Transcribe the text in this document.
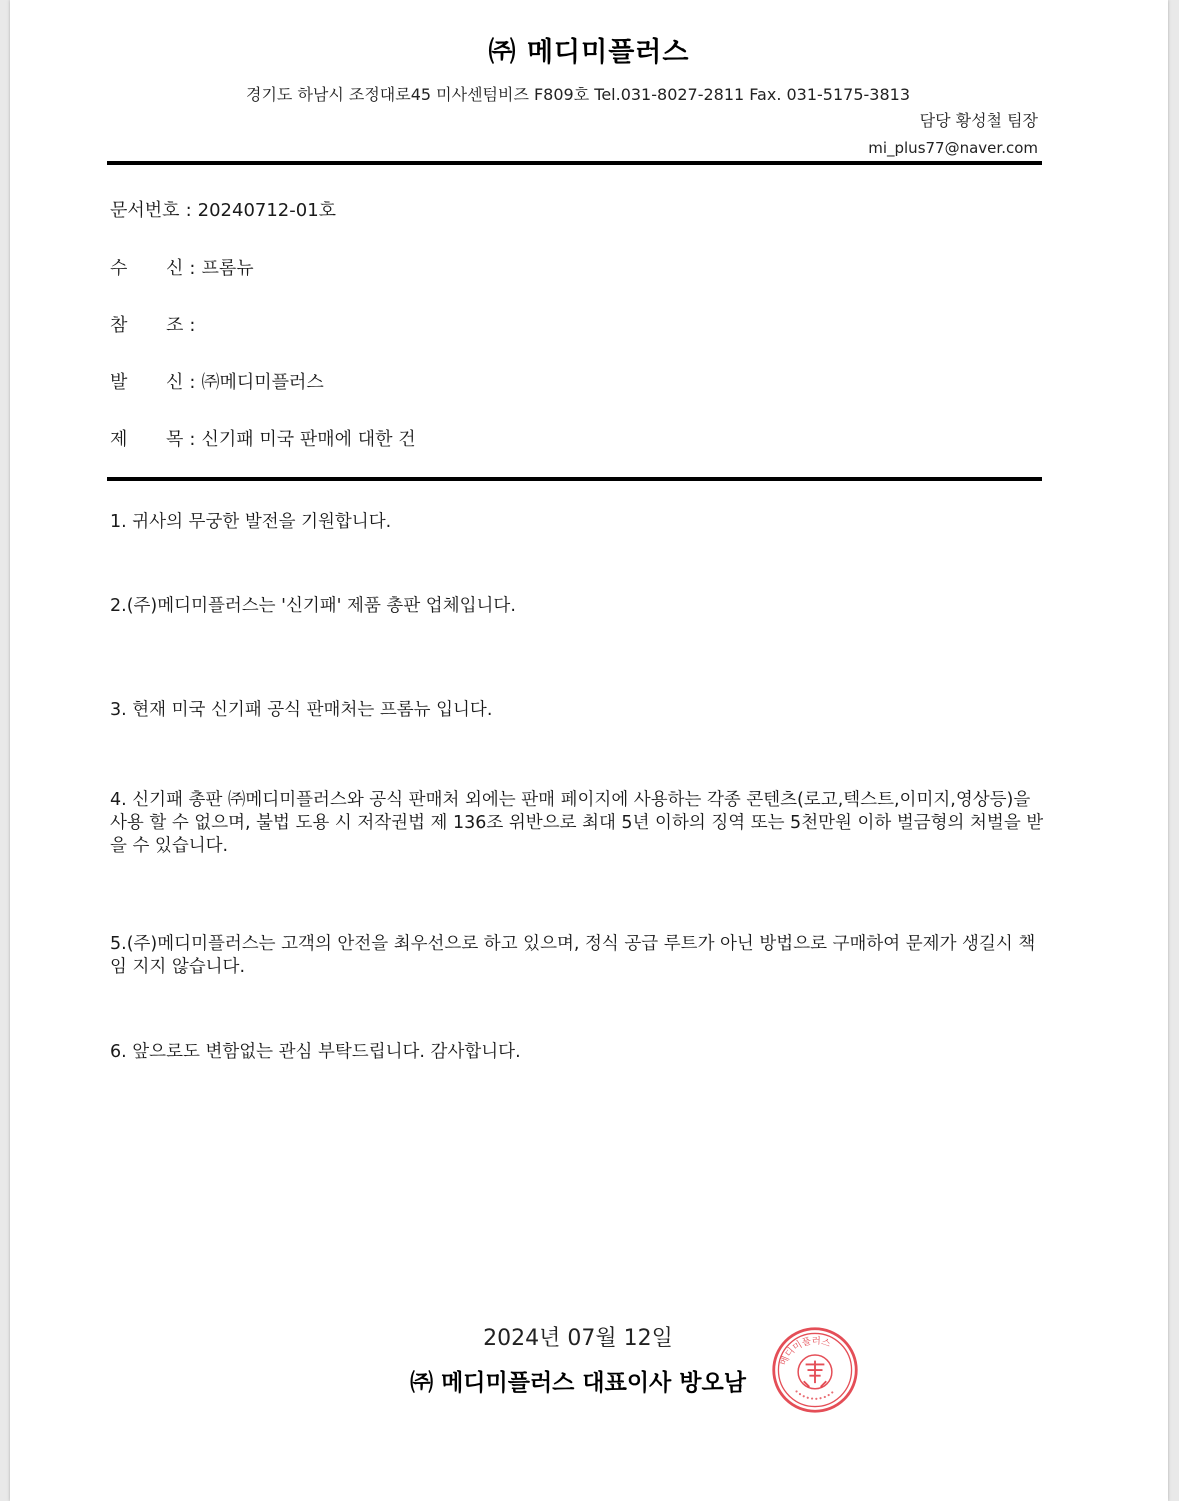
㈜ 메디미플러스
경기도 하남시 조정대로45 미사센텀비즈 F809호 Tel.031-8027-2811 Fax. 031-5175-3813
담당 황성철 팀장
mi_plus77@naver.com
문서번호 : 20240712-01호
수 신 : 프롬뉴
참 조 :
발 신 : ㈜메디미플러스
제 목 : 신기패 미국 판매에 대한 건
1. 귀사의 무궁한 발전을 기원합니다.
2.(주)메디미플러스는 '신기패' 제품 총판 업체입니다.
3. 현재 미국 신기패 공식 판매처는 프롬뉴 입니다.
4. 신기패 총판 ㈜메디미플러스와 공식 판매처 외에는 판매 페이지에 사용하는 각종 콘텐츠(로고,텍스트,이미지,영상등)을 사용 할 수 없으며, 불법 도용 시 저작권법 제 136조 위반으로 최대 5년 이하의 징역 또는 5천만원 이하 벌금형의 처벌을 받을 수 있습니다.
5.(주)메디미플러스는 고객의 안전을 최우선으로 하고 있으며, 정식 공급 루트가 아닌 방법으로 구매하여 문제가 생길시 책임 지지 않습니다.
6. 앞으로도 변함없는 관심 부탁드립니다. 감사합니다.
2024년 07월 12일
㈜ 메디미플러스 대표이사 방오남
메디미플러스
∙∙∙∙∙∙∙∙∙∙
